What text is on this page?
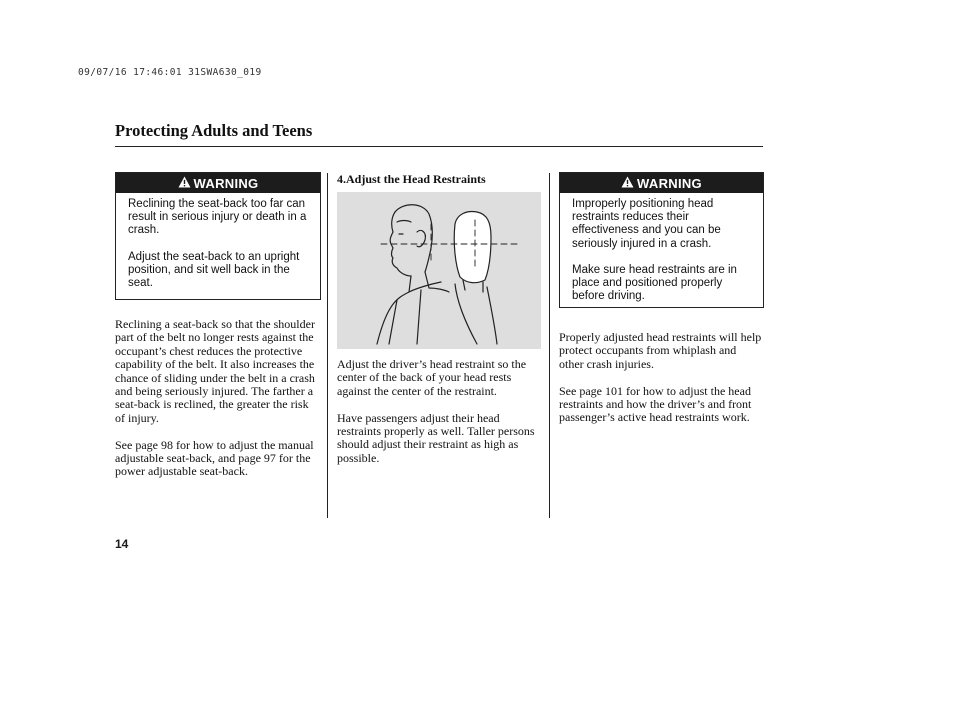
09/07/16 17:46:01 31SWA630_019
Protecting Adults and Teens
WARNING

Reclining the seat-back too far can result in serious injury or death in a crash.

Adjust the seat-back to an upright position, and sit well back in the seat.

Reclining a seat-back so that the shoulder part of the belt no longer rests against the occupant’s chest reduces the protective capability of the belt. It also increases the chance of sliding under the belt in a crash and being seriously injured. The farther a seat-back is reclined, the greater the risk of injury.

See page 98 for how to adjust the manual adjustable seat-back, and page 97 for the power adjustable seat-back.

4.Adjust the Head Restraints

Adjust the driver’s head restraint so the center of the back of your head rests against the center of the restraint.

Have passengers adjust their head restraints properly as well. Taller persons should adjust their restraint as high as possible.

WARNING

Improperly positioning head restraints reduces their effectiveness and you can be seriously injured in a crash.

Make sure head restraints are in place and positioned properly before driving.

Properly adjusted head restraints will help protect occupants from whiplash and other crash injuries.

See page 101 for how to adjust the head restraints and how the driver’s and front passenger’s active head restraints work.

14
